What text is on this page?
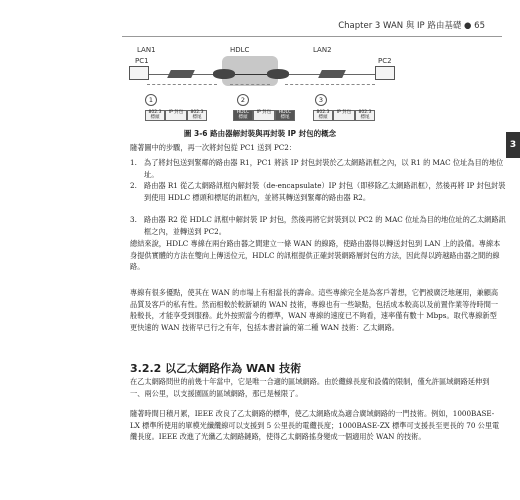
Chapter 3 WAN 與 IP 路由基礎 ● 65
3
LAN1	HDLC	LAN2
PC1	PC2
1
802.3 標頭
IP 封包	802.3 標尾
2
HDLC 標頭
IP 封包	HDLC 標尾
3
802.3 標頭
IP 封包	802.3 標尾
圖 3-6 路由器解封裝與再封裝 IP 封包的概念
隨著圖中的步驟，再一次將封包從 PC1 送到 PC2：
1. 為了將封包送到緊鄰的路由器 R1，PC1 將該 IP 封包封裝於乙太網路訊框之內，以 R1 的 MAC 位址為目的地位址。
2. 路由器 R1 從乙太網路訊框內解封裝（de-encapsulate）IP 封包（即移除乙太網路訊框），然後再將 IP 封包封裝到使用 HDLC 標頭和標尾的訊框內，並將其轉送到緊鄰的路由器 R2。
3. 路由器 R2 從 HDLC 訊框中解封裝 IP 封包，然後再將它封裝到以 PC2 的 MAC 位址為目的地位址的乙太網路訊框之內，並轉送到 PC2。
總結來說，HDLC 專線在兩台路由器之間建立一條 WAN 的線路，使路由器得以轉送封包到 LAN 上的設備。專線本身提供實體的方法在雙向上傳送位元，HDLC 的訊框提供正確封裝網路層封包的方法，因此得以跨越路由器之間的線路。
專線有很多優點，使其在 WAN 的市場上有相當長的壽命。這些專線完全是為客戶著想，它們被廣泛地運用，兼顧高品質及客戶的私有性。然而相較於較新穎的 WAN 技術，專線也有一些缺點，包括成本較高以及前置作業等待時間一般較長，才能享受到服務。此外按照當今的標準，WAN 專線的速度已不夠看，速率僅有數十 Mbps。取代專線新型更快速的 WAN 技術早已行之有年，包括本書討論的第二種 WAN 技術：乙太網路。
3.2.2 以乙太網路作為 WAN 技術
在乙太網路問世的前幾十年當中，它是唯一合適的區域網路。由於纜線長度和設備的限制，僅允許區域網路延伸到一、兩公里，以支援園區的區域網路，那已是極限了。
隨著時間日積月累，IEEE 改良了乙太網路的標準，使乙太網路成為適合廣域網路的一門技術。例如，1000BASE-LX 標準所使用的單模光纖纜線可以支援到 5 公里長的電纜長度；1000BASE-ZX 標準可支援長至更長的 70 公里電纜長度。IEEE 改進了光纖乙太網路鏈路，使得乙太網路搖身變成一個適用於 WAN 的技術。
